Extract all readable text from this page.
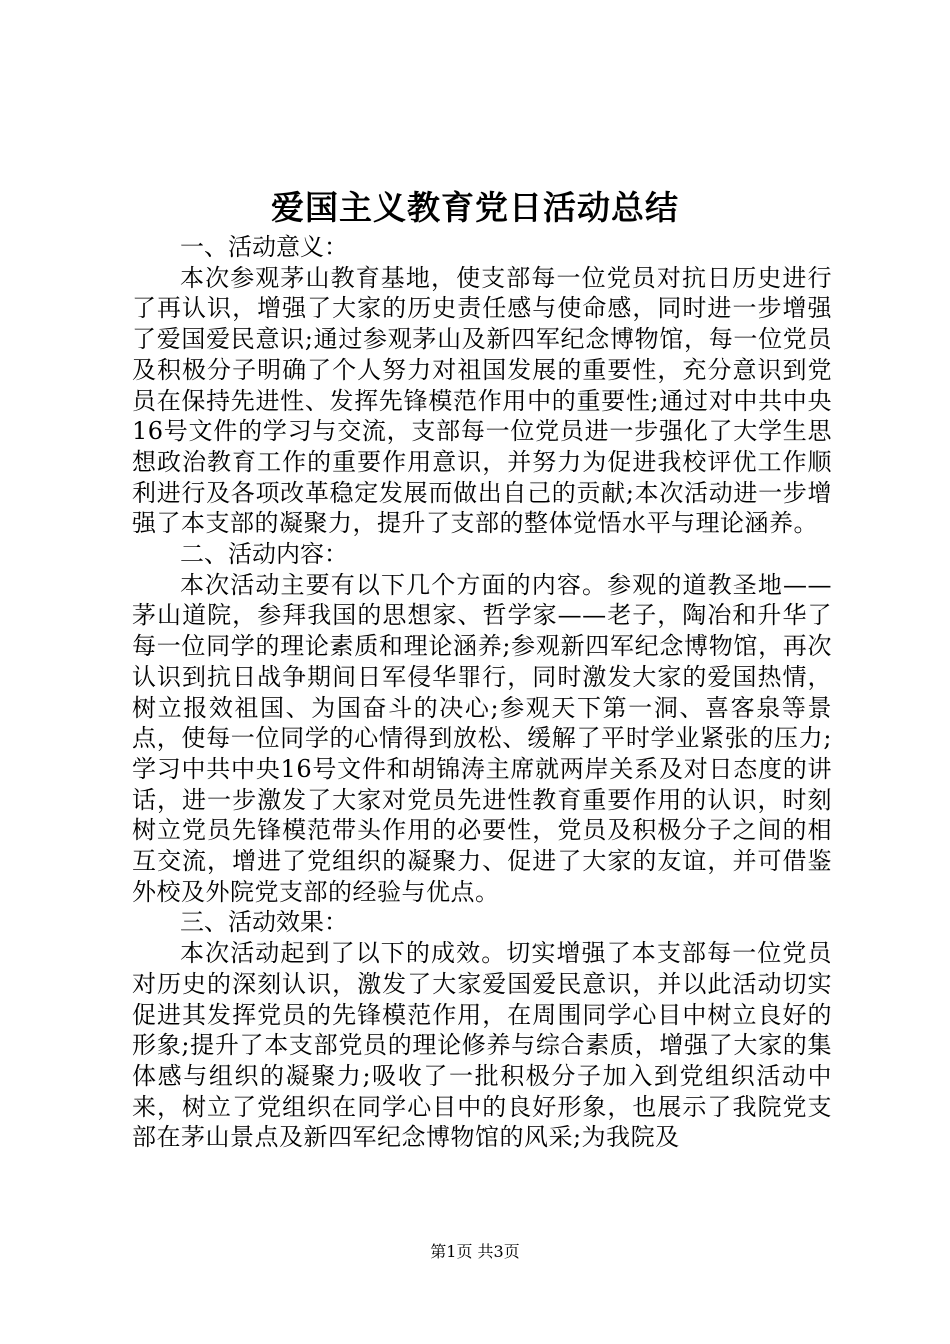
爱国主义教育党日活动总结

一、活动意义：

本次参观茅山教育基地，使支部每一位党员对抗日历史进行了再认识，增强了大家的历史责任感与使命感，同时进一步增强了爱国爱民意识;通过参观茅山及新四军纪念博物馆，每一位党员及积极分子明确了个人努力对祖国发展的重要性，充分意识到党员在保持先进性、发挥先锋模范作用中的重要性;通过对中共中央16号文件的学习与交流，支部每一位党员进一步强化了大学生思想政治教育工作的重要作用意识，并努力为促进我校评优工作顺利进行及各项改革稳定发展而做出自己的贡献;本次活动进一步增强了本支部的凝聚力，提升了支部的整体觉悟水平与理论涵养。

二、活动内容：

本次活动主要有以下几个方面的内容。参观的道教圣地——茅山道院，参拜我国的思想家、哲学家——老子，陶冶和升华了每一位同学的理论素质和理论涵养;参观新四军纪念博物馆，再次认识到抗日战争期间日军侵华罪行，同时激发大家的爱国热情，树立报效祖国、为国奋斗的决心;参观天下第一洞、喜客泉等景点，使每一位同学的心情得到放松、缓解了平时学业紧张的压力;学习中共中央16号文件和胡锦涛主席就两岸关系及对日态度的讲话，进一步激发了大家对党员先进性教育重要作用的认识，时刻树立党员先锋模范带头作用的必要性，党员及积极分子之间的相互交流，增进了党组织的凝聚力、促进了大家的友谊，并可借鉴外校及外院党支部的经验与优点。

三、活动效果：

本次活动起到了以下的成效。切实增强了本支部每一位党员对历史的深刻认识，激发了大家爱国爱民意识，并以此活动切实促进其发挥党员的先锋模范作用，在周围同学心目中树立良好的形象;提升了本支部党员的理论修养与综合素质，增强了大家的集体感与组织的凝聚力;吸收了一批积极分子加入到党组织活动中来，树立了党组织在同学心目中的良好形象，也展示了我院党支部在茅山景点及新四军纪念博物馆的风采;为我院及

第1页 共3页
